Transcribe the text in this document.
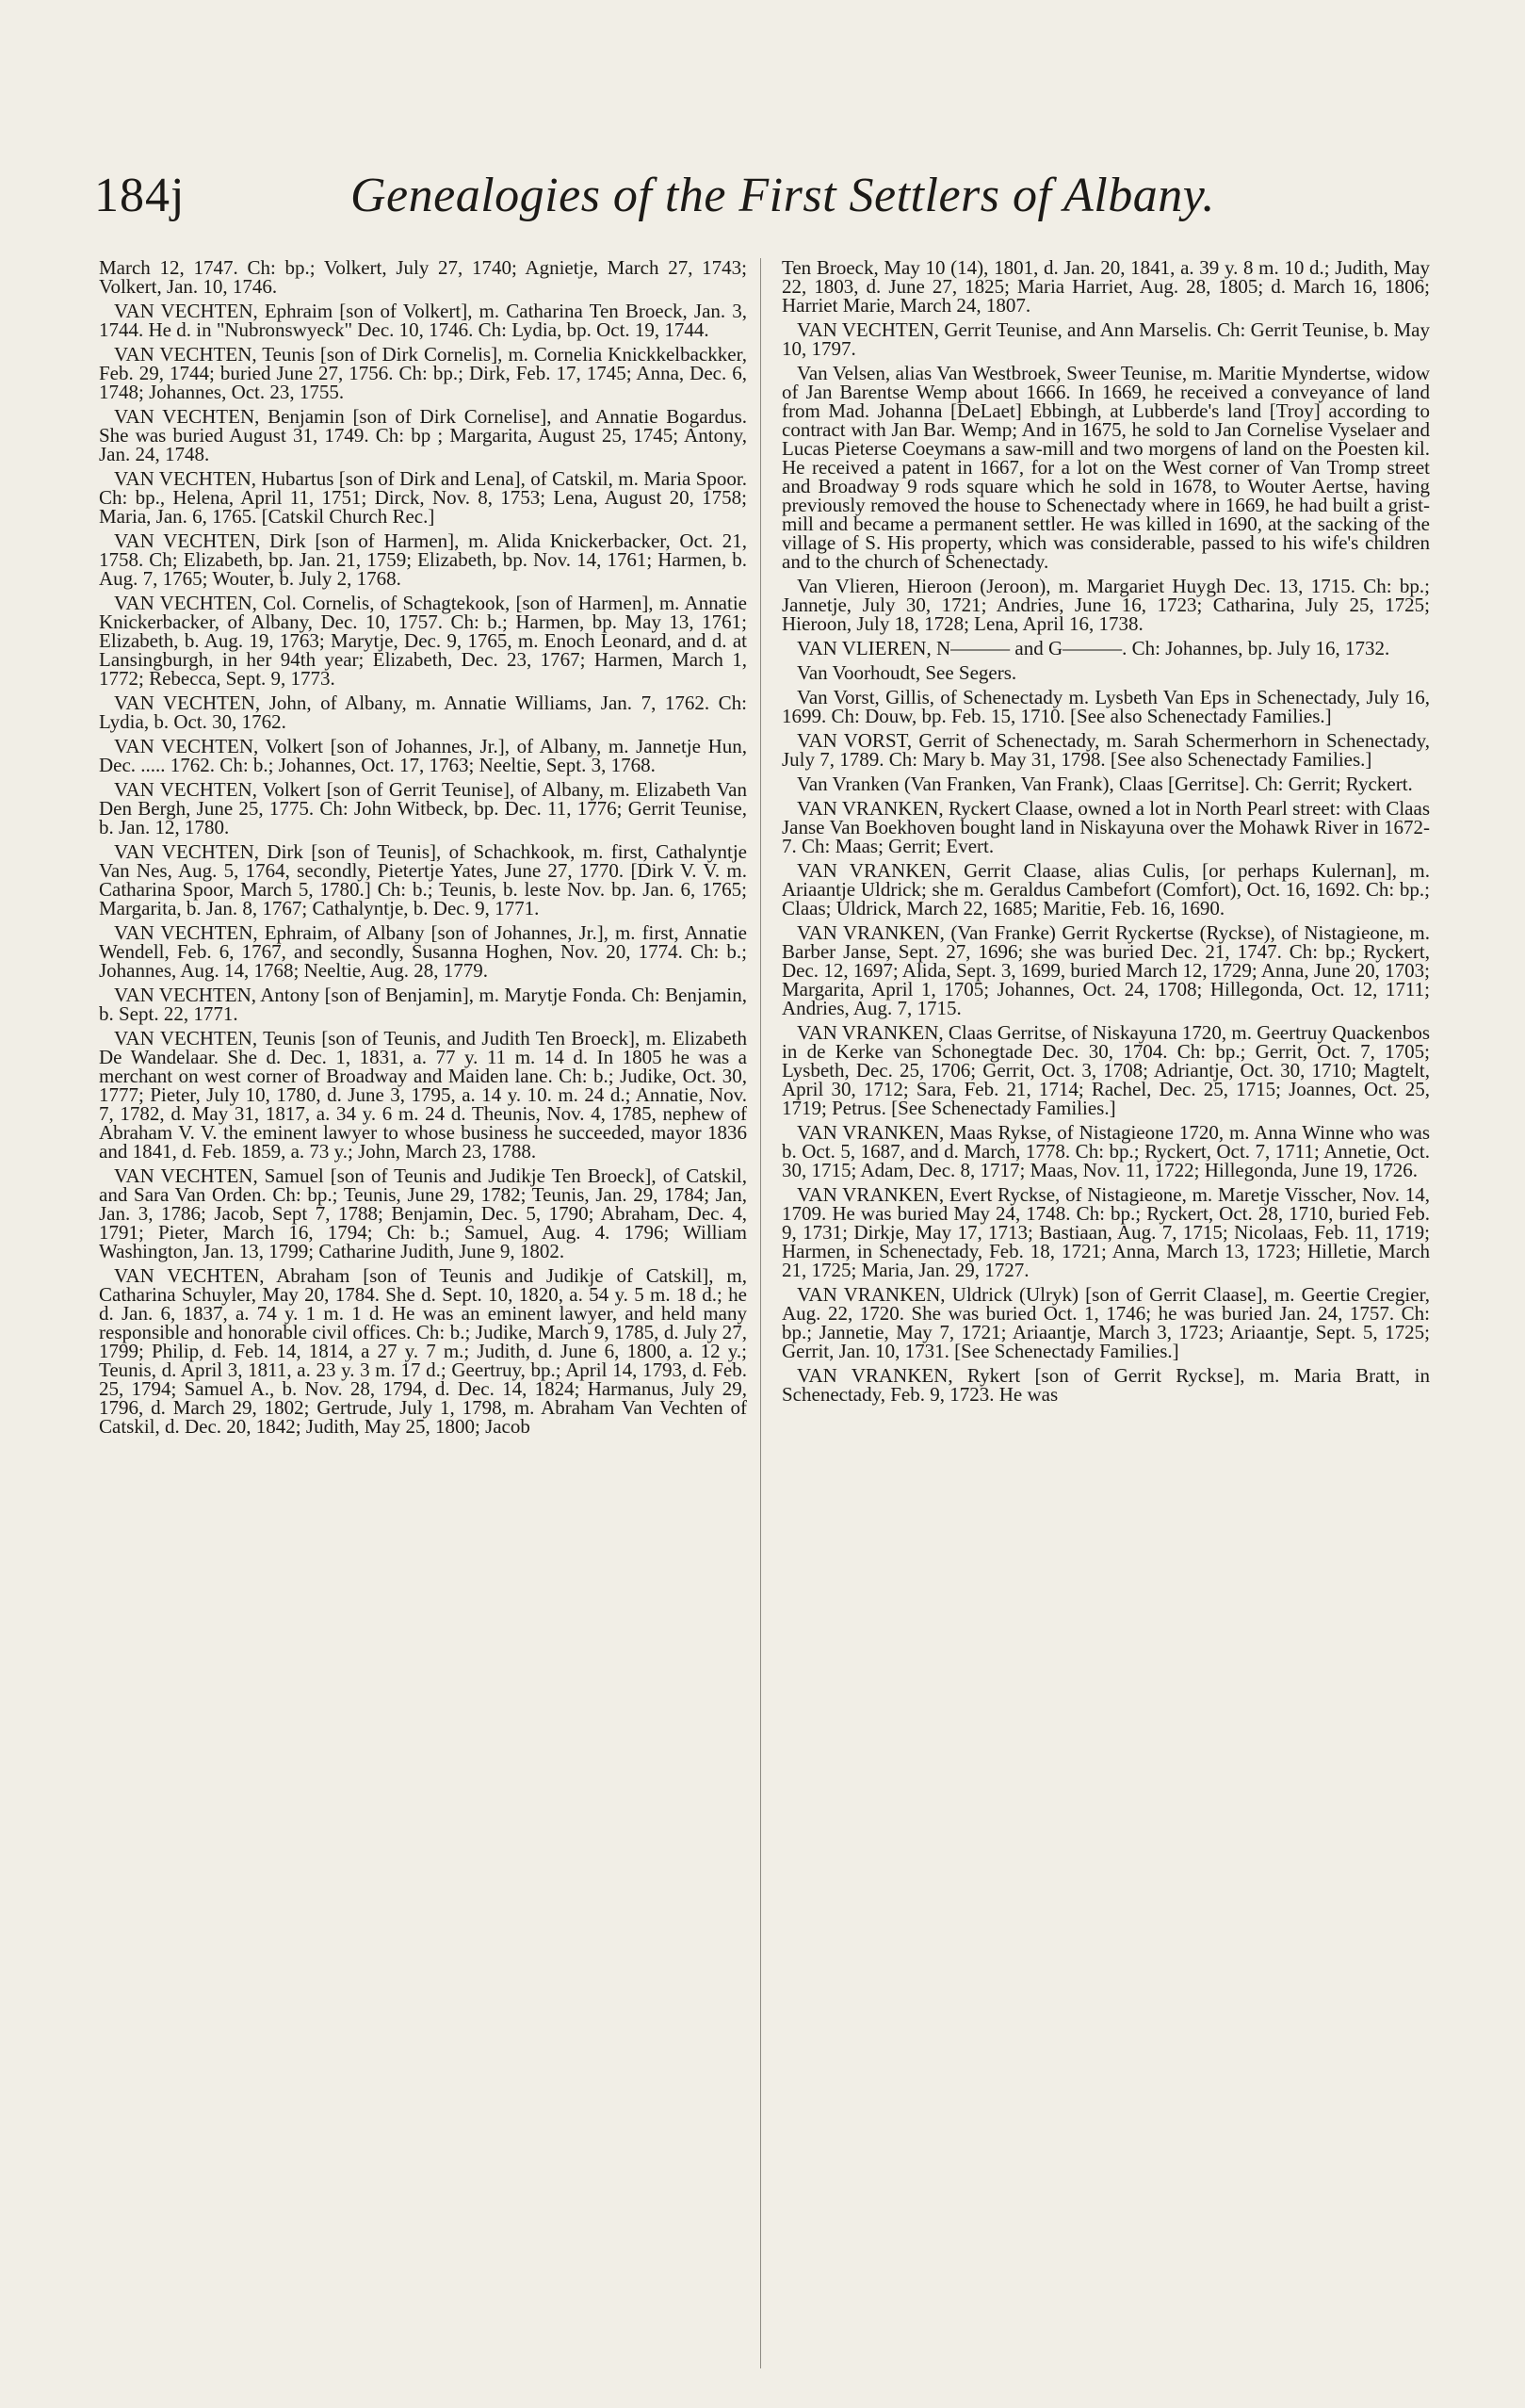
184j	Genealogies of the First Settlers of Albany.

March 12, 1747. Ch: bp.; Volkert, July 27, 1740; Agnietje, March 27, 1743; Volkert, Jan. 10, 1746.

VAN VECHTEN, Ephraim [son of Volkert], m. Catharina Ten Broeck, Jan. 3, 1744. He d. in "Nubronswyeck" Dec. 10, 1746. Ch: Lydia, bp. Oct. 19, 1744.

VAN VECHTEN, Teunis [son of Dirk Cornelis], m. Cornelia Knickkelbackker, Feb. 29, 1744; buried June 27, 1756. Ch: bp.; Dirk, Feb. 17, 1745; Anna, Dec. 6, 1748; Johannes, Oct. 23, 1755.

VAN VECHTEN, Benjamin [son of Dirk Cornelise], and Annatie Bogardus. She was buried August 31, 1749. Ch: bp ; Margarita, August 25, 1745; Antony, Jan. 24, 1748.

VAN VECHTEN, Hubartus [son of Dirk and Lena], of Catskil, m. Maria Spoor. Ch: bp., Helena, April 11, 1751; Dirck, Nov. 8, 1753; Lena, August 20, 1758; Maria, Jan. 6, 1765. [Catskil Church Rec.]

VAN VECHTEN, Dirk [son of Harmen], m. Alida Knickerbacker, Oct. 21, 1758. Ch; Elizabeth, bp. Jan. 21, 1759; Elizabeth, bp. Nov. 14, 1761; Harmen, b. Aug. 7, 1765; Wouter, b. July 2, 1768.

VAN VECHTEN, Col. Cornelis, of Schagtekook, [son of Harmen], m. Annatie Knickerbacker, of Albany, Dec. 10, 1757. Ch: b.; Harmen, bp. May 13, 1761; Elizabeth, b. Aug. 19, 1763; Marytje, Dec. 9, 1765, m. Enoch Leonard, and d. at Lansingburgh, in her 94th year; Elizabeth, Dec. 23, 1767; Harmen, March 1, 1772; Rebecca, Sept. 9, 1773.

VAN VECHTEN, John, of Albany, m. Annatie Williams, Jan. 7, 1762. Ch: Lydia, b. Oct. 30, 1762.

VAN VECHTEN, Volkert [son of Johannes, Jr.], of Albany, m. Jannetje Hun, Dec. ..... 1762. Ch: b.; Johannes, Oct. 17, 1763; Neeltie, Sept. 3, 1768.

VAN VECHTEN, Volkert [son of Gerrit Teunise], of Albany, m. Elizabeth Van Den Bergh, June 25, 1775. Ch: John Witbeck, bp. Dec. 11, 1776; Gerrit Teunise, b. Jan. 12, 1780.

VAN VECHTEN, Dirk [son of Teunis], of Schachkook, m. first, Cathalyntje Van Nes, Aug. 5, 1764, secondly, Pietertje Yates, June 27, 1770. [Dirk V. V. m. Catharina Spoor, March 5, 1780.] Ch: b.; Teunis, b. leste Nov. bp. Jan. 6, 1765; Margarita, b. Jan. 8, 1767; Cathalyntje, b. Dec. 9, 1771.

VAN VECHTEN, Ephraim, of Albany [son of Johannes, Jr.], m. first, Annatie Wendell, Feb. 6, 1767, and secondly, Susanna Hoghen, Nov. 20, 1774. Ch: b.; Johannes, Aug. 14, 1768; Neeltie, Aug. 28, 1779.

VAN VECHTEN, Antony [son of Benjamin], m. Marytje Fonda. Ch: Benjamin, b. Sept. 22, 1771.

VAN VECHTEN, Teunis [son of Teunis, and Judith Ten Broeck], m. Elizabeth De Wandelaar. She d. Dec. 1, 1831, a. 77 y. 11 m. 14 d. In 1805 he was a merchant on west corner of Broadway and Maiden lane. Ch: b.; Judike, Oct. 30, 1777; Pieter, July 10, 1780, d. June 3, 1795, a. 14 y. 10. m. 24 d.; Annatie, Nov. 7, 1782, d. May 31, 1817, a. 34 y. 6 m. 24 d. Theunis, Nov. 4, 1785, nephew of Abraham V. V. the eminent lawyer to whose business he succeeded, mayor 1836 and 1841, d. Feb. 1859, a. 73 y.; John, March 23, 1788.

VAN VECHTEN, Samuel [son of Teunis and Judikje Ten Broeck], of Catskil, and Sara Van Orden. Ch: bp.; Teunis, June 29, 1782; Teunis, Jan. 29, 1784; Jan, Jan. 3, 1786; Jacob, Sept 7, 1788; Benjamin, Dec. 5, 1790; Abraham, Dec. 4, 1791; Pieter, March 16, 1794; Ch: b.; Samuel, Aug. 4. 1796; William Washington, Jan. 13, 1799; Catharine Judith, June 9, 1802.

VAN VECHTEN, Abraham [son of Teunis and Judikje of Catskil], m, Catharina Schuyler, May 20, 1784. She d. Sept. 10, 1820, a. 54 y. 5 m. 18 d.; he d. Jan. 6, 1837, a. 74 y. 1 m. 1 d. He was an eminent lawyer, and held many responsible and honorable civil offices. Ch: b.; Judike, March 9, 1785, d. July 27, 1799; Philip, d. Feb. 14, 1814, a 27 y. 7 m.; Judith, d. June 6, 1800, a. 12 y.; Teunis, d. April 3, 1811, a. 23 y. 3 m. 17 d.; Geertruy, bp.; April 14, 1793, d. Feb. 25, 1794; Samuel A., b. Nov. 28, 1794, d. Dec. 14, 1824; Harmanus, July 29, 1796, d. March 29, 1802; Gertrude, July 1, 1798, m. Abraham Van Vechten of Catskil, d. Dec. 20, 1842; Judith, May 25, 1800; Jacob

Ten Broeck, May 10 (14), 1801, d. Jan. 20, 1841, a. 39 y. 8 m. 10 d.; Judith, May 22, 1803, d. June 27, 1825; Maria Harriet, Aug. 28, 1805; d. March 16, 1806; Harriet Marie, March 24, 1807.

VAN VECHTEN, Gerrit Teunise, and Ann Marselis. Ch: Gerrit Teunise, b. May 10, 1797.

Van Velsen, alias Van Westbroek, Sweer Teunise, m. Maritie Myndertse, widow of Jan Barentse Wemp about 1666. In 1669, he received a conveyance of land from Mad. Johanna [DeLaet] Ebbingh, at Lubberde's land [Troy] according to contract with Jan Bar. Wemp; And in 1675, he sold to Jan Cornelise Vyselaer and Lucas Pieterse Coeymans a saw-mill and two morgens of land on the Poesten kil. He received a patent in 1667, for a lot on the West corner of Van Tromp street and Broadway 9 rods square which he sold in 1678, to Wouter Aertse, having previously removed the house to Schenectady where in 1669, he had built a grist-mill and became a permanent settler. He was killed in 1690, at the sacking of the village of S. His property, which was considerable, passed to his wife's children and to the church of Schenectady.

Van Vlieren, Hieroon (Jeroon), m. Margariet Huygh Dec. 13, 1715. Ch: bp.; Jannetje, July 30, 1721; Andries, June 16, 1723; Catharina, July 25, 1725; Hieroon, July 18, 1728; Lena, April 16, 1738.

VAN VLIEREN, N——— and G———. Ch: Johannes, bp. July 16, 1732.

Van Voorhoudt, See Segers.

Van Vorst, Gillis, of Schenectady m. Lysbeth Van Eps in Schenectady, July 16, 1699. Ch: Douw, bp. Feb. 15, 1710. [See also Schenectady Families.]

VAN VORST, Gerrit of Schenectady, m. Sarah Schermerhorn in Schenectady, July 7, 1789. Ch: Mary b. May 31, 1798. [See also Schenectady Families.]

Van Vranken (Van Franken, Van Frank), Claas [Gerritse]. Ch: Gerrit; Ryckert.

VAN VRANKEN, Ryckert Claase, owned a lot in North Pearl street: with Claas Janse Van Boekhoven bought land in Niskayuna over the Mohawk River in 1672-7. Ch: Maas; Gerrit; Evert.

VAN VRANKEN, Gerrit Claase, alias Culis, [or perhaps Kulernan], m. Ariaantje Uldrick; she m. Geraldus Cambefort (Comfort), Oct. 16, 1692. Ch: bp.; Claas; Uldrick, March 22, 1685; Maritie, Feb. 16, 1690.

VAN VRANKEN, (Van Franke) Gerrit Ryckertse (Ryckse), of Nistagieone, m. Barber Janse, Sept. 27, 1696; she was buried Dec. 21, 1747. Ch: bp.; Ryckert, Dec. 12, 1697; Alida, Sept. 3, 1699, buried March 12, 1729; Anna, June 20, 1703; Margarita, April 1, 1705; Johannes, Oct. 24, 1708; Hillegonda, Oct. 12, 1711; Andries, Aug. 7, 1715.

VAN VRANKEN, Claas Gerritse, of Niskayuna 1720, m. Geertruy Quackenbos in de Kerke van Schonegtade Dec. 30, 1704. Ch: bp.; Gerrit, Oct. 7, 1705; Lysbeth, Dec. 25, 1706; Gerrit, Oct. 3, 1708; Adriantje, Oct. 30, 1710; Magtelt, April 30, 1712; Sara, Feb. 21, 1714; Rachel, Dec. 25, 1715; Joannes, Oct. 25, 1719; Petrus. [See Schenectady Families.]

VAN VRANKEN, Maas Rykse, of Nistagieone 1720, m. Anna Winne who was b. Oct. 5, 1687, and d. March, 1778. Ch: bp.; Ryckert, Oct. 7, 1711; Annetie, Oct. 30, 1715; Adam, Dec. 8, 1717; Maas, Nov. 11, 1722; Hillegonda, June 19, 1726.

VAN VRANKEN, Evert Ryckse, of Nistagieone, m. Maretje Visscher, Nov. 14, 1709. He was buried May 24, 1748. Ch: bp.; Ryckert, Oct. 28, 1710, buried Feb. 9, 1731; Dirkje, May 17, 1713; Bastiaan, Aug. 7, 1715; Nicolaas, Feb. 11, 1719; Harmen, in Schenectady, Feb. 18, 1721; Anna, March 13, 1723; Hilletie, March 21, 1725; Maria, Jan. 29, 1727.

VAN VRANKEN, Uldrick (Ulryk) [son of Gerrit Claase], m. Geertie Cregier, Aug. 22, 1720. She was buried Oct. 1, 1746; he was buried Jan. 24, 1757. Ch: bp.; Jannetie, May 7, 1721; Ariaantje, March 3, 1723; Ariaantje, Sept. 5, 1725; Gerrit, Jan. 10, 1731. [See Schenectady Families.]

VAN VRANKEN, Rykert [son of Gerrit Ryckse], m. Maria Bratt, in Schenectady, Feb. 9, 1723. He was
